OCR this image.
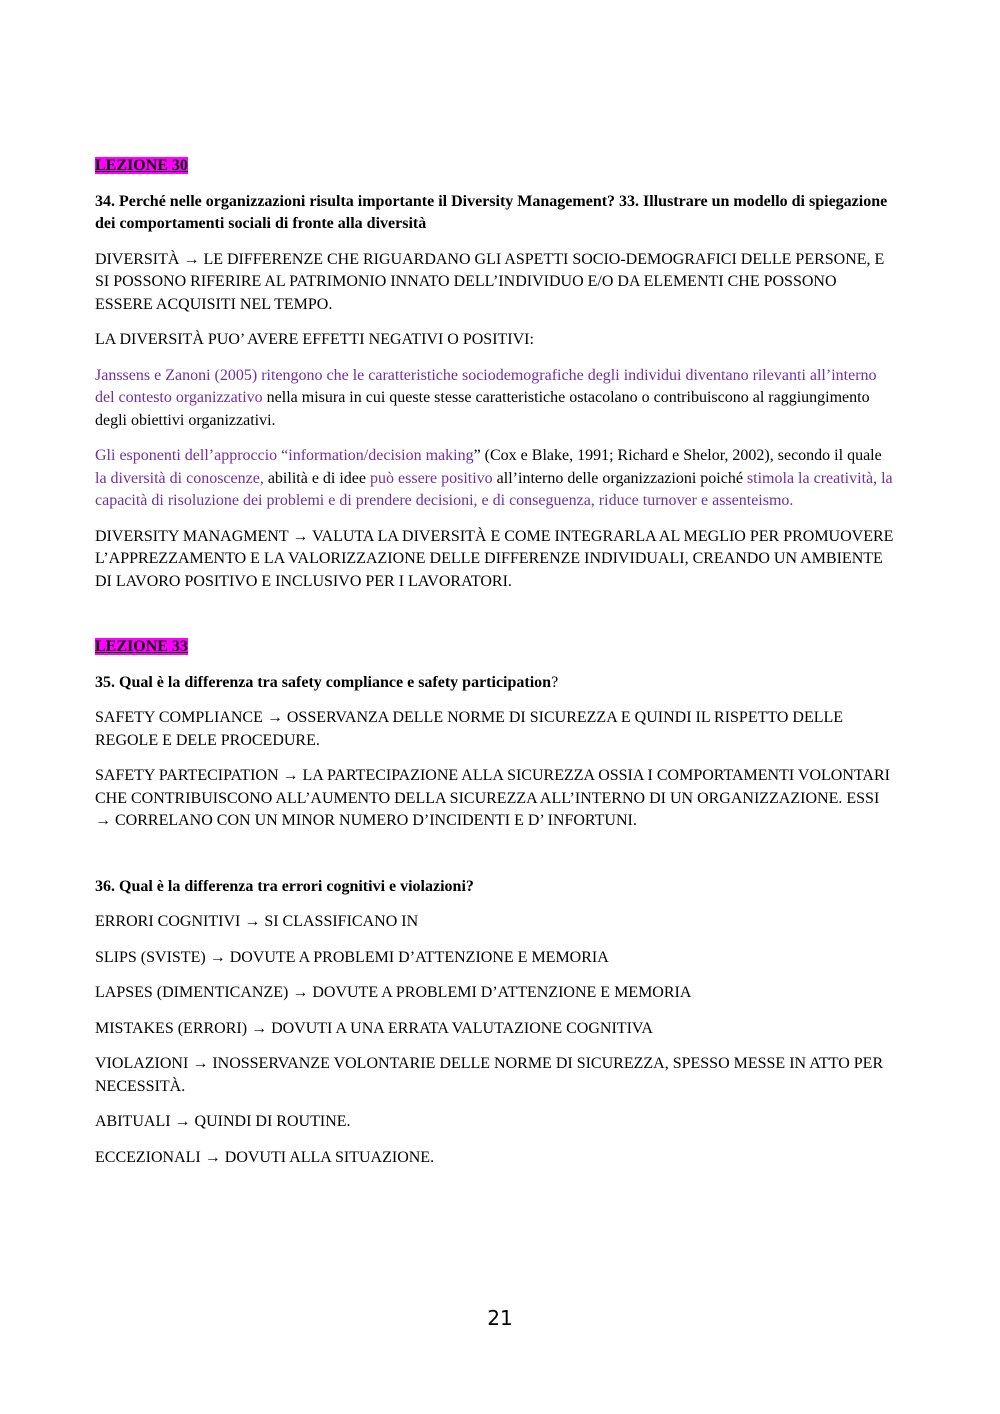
LEZIONE 30

34. Perché nelle organizzazioni risulta importante il Diversity Management? 33. Illustrare un modello di spiegazione dei comportamenti sociali di fronte alla diversità

DIVERSITÀ → LE DIFFERENZE CHE RIGUARDANO GLI ASPETTI SOCIO-DEMOGRAFICI DELLE PERSONE, E SI POSSONO RIFERIRE AL PATRIMONIO INNATO DELL’INDIVIDUO E/O DA ELEMENTI CHE POSSONO ESSERE ACQUISITI NEL TEMPO.

LA DIVERSITÀ PUO’ AVERE EFFETTI NEGATIVI O POSITIVI:

Janssens e Zanoni (2005) ritengono che le caratteristiche sociodemografiche degli individui diventano rilevanti all’interno del contesto organizzativo nella misura in cui queste stesse caratteristiche ostacolano o contribuiscono al raggiungimento degli obiettivi organizzativi.

Gli esponenti dell’approccio “information/decision making” (Cox e Blake, 1991; Richard e Shelor, 2002), secondo il quale la diversità di conoscenze, abilità e di idee può essere positivo all’interno delle organizzazioni poiché stimola la creatività, la capacità di risoluzione dei problemi e di prendere decisioni, e di conseguenza, riduce turnover e assenteismo.

DIVERSITY MANAGMENT → VALUTA LA DIVERSITÀ E COME INTEGRARLA AL MEGLIO PER PROMUOVERE L’APPREZZAMENTO E LA VALORIZZAZIONE DELLE DIFFERENZE INDIVIDUALI, CREANDO UN AMBIENTE DI LAVORO POSITIVO E INCLUSIVO PER I LAVORATORI.

LEZIONE 33

35. Qual è la differenza tra safety compliance e safety participation?

SAFETY COMPLIANCE → OSSERVANZA DELLE NORME DI SICUREZZA E QUINDI IL RISPETTO DELLE REGOLE E DELE PROCEDURE.

SAFETY PARTECIPATION → LA PARTECIPAZIONE ALLA SICUREZZA OSSIA I COMPORTAMENTI VOLONTARI CHE CONTRIBUISCONO ALL’AUMENTO DELLA SICUREZZA ALL’INTERNO DI UN ORGANIZZAZIONE. ESSI → CORRELANO CON UN MINOR NUMERO D’INCIDENTI E D’ INFORTUNI.

36. Qual è la differenza tra errori cognitivi e violazioni?

ERRORI COGNITIVI → SI CLASSIFICANO IN

SLIPS (SVISTE) → DOVUTE A PROBLEMI D’ATTENZIONE E MEMORIA

LAPSES (DIMENTICANZE) → DOVUTE A PROBLEMI D’ATTENZIONE E MEMORIA

MISTAKES (ERRORI) → DOVUTI A UNA ERRATA VALUTAZIONE COGNITIVA

VIOLAZIONI → INOSSERVANZE VOLONTARIE DELLE NORME DI SICUREZZA, SPESSO MESSE IN ATTO PER NECESSITÀ.

ABITUALI → QUINDI DI ROUTINE.

ECCEZIONALI → DOVUTI ALLA SITUAZIONE.

21
